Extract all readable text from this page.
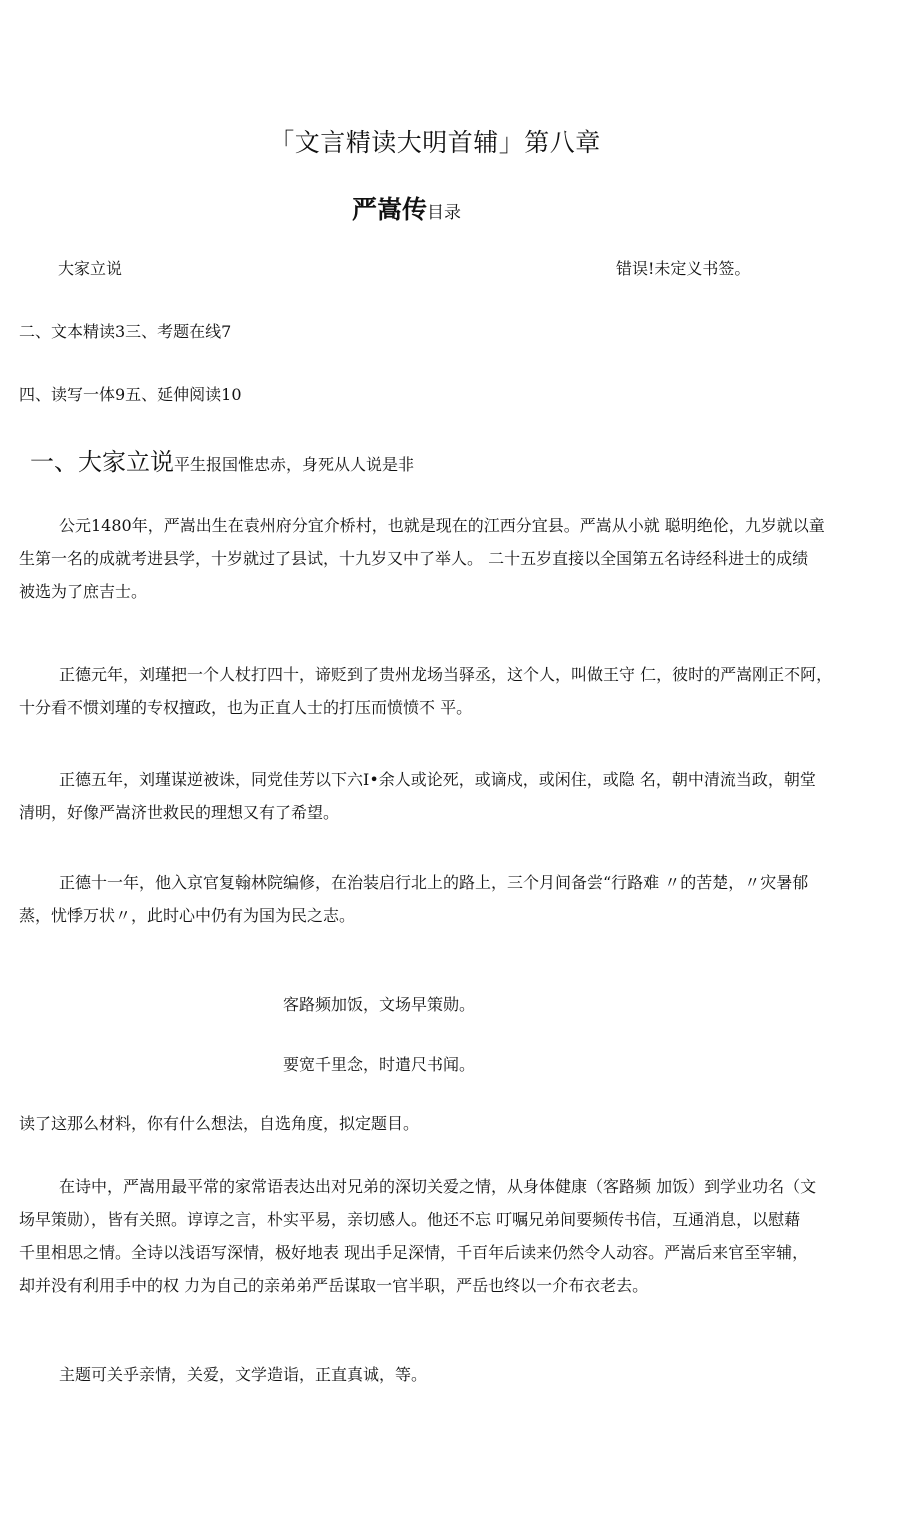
「文言精读大明首辅」第八章
严嵩传目录
大家立说	错误!未定义书签。
二、文本精读3三、考题在线7
四、读写一体9五、延伸阅读10
一、大家立说平生报国惟忠赤，身死从人说是非
公元1480年，严嵩出生在袁州府分宜介桥村，也就是现在的江西分宜县。严嵩从小就 聪明绝伦，九岁就以童
生第一名的成就考进县学，十岁就过了县试，十九岁又中了举人。 二十五岁直接以全国第五名诗经科进士的成绩
被选为了庶吉士。
正德元年，刘瑾把一个人杖打四十，谛贬到了贵州龙场当驿丞，这个人，叫做王守 仁，彼时的严嵩刚正不阿，
十分看不惯刘瑾的专权擅政，也为正直人士的打压而愤愤不 平。
正德五年，刘瑾谋逆被诛，同党佳芳以下六I•余人或论死，或谪戍，或闲住，或隐 名，朝中清流当政，朝堂
清明，好像严嵩济世救民的理想又有了希望。
正德十一年，他入京官复翰林院编修，在治装启行北上的路上，三个月间备尝“行路难 〃的苦楚，〃灾暑郁
蒸，忧悸万状〃，此时心中仍有为国为民之志。
客路频加饭，文场早策勋。
要宽千里念，时遣尺书闻。
读了这那么材料，你有什么想法，自选角度，拟定题目。
在诗中，严嵩用最平常的家常语表达出对兄弟的深切关爱之情，从身体健康（客路频 加饭）到学业功名（文
场早策勋），皆有关照。谆谆之言，朴实平易，亲切感人。他还不忘 叮嘱兄弟间要频传书信，互通消息，以慰藉
千里相思之情。全诗以浅语写深情，极好地表 现出手足深情，千百年后读来仍然令人动容。严嵩后来官至宰辅，
却并没有利用手中的权 力为自己的亲弟弟严岳谋取一官半职，严岳也终以一介布衣老去。
主题可关乎亲情，关爱，文学造诣，正直真诚，等。
